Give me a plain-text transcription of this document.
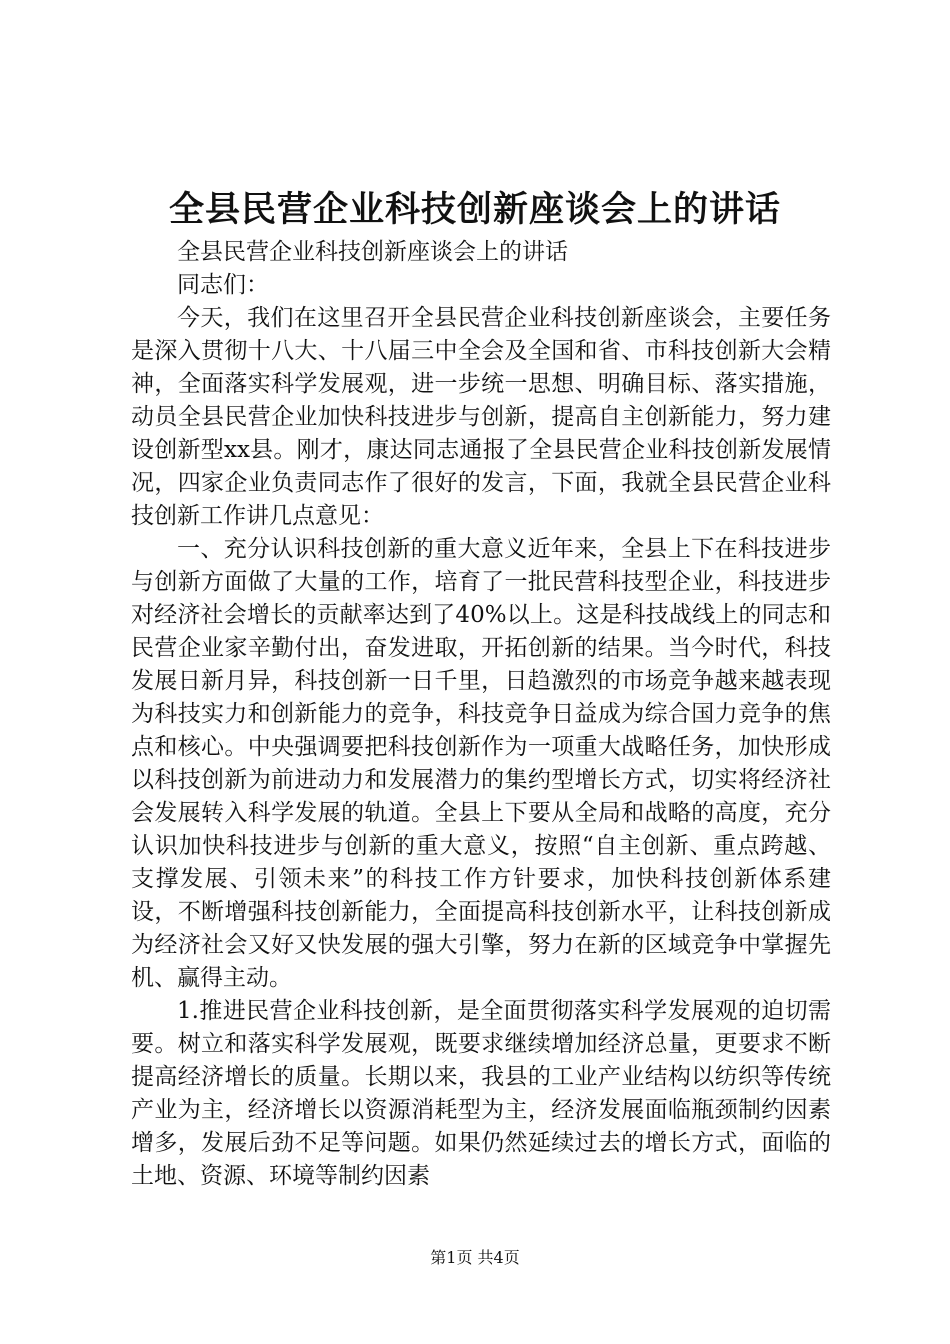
全县民营企业科技创新座谈会上的讲话

全县民营企业科技创新座谈会上的讲话

同志们：

今天，我们在这里召开全县民营企业科技创新座谈会，主要任务是深入贯彻十八大、十八届三中全会及全国和省、市科技创新大会精神，全面落实科学发展观，进一步统一思想、明确目标、落实措施，动员全县民营企业加快科技进步与创新，提高自主创新能力，努力建设创新型xx县。刚才，康达同志通报了全县民营企业科技创新发展情况，四家企业负责同志作了很好的发言，下面，我就全县民营企业科技创新工作讲几点意见：

一、充分认识科技创新的重大意义近年来，全县上下在科技进步与创新方面做了大量的工作，培育了一批民营科技型企业，科技进步对经济社会增长的贡献率达到了40%以上。这是科技战线上的同志和民营企业家辛勤付出，奋发进取，开拓创新的结果。当今时代，科技发展日新月异，科技创新一日千里，日趋激烈的市场竞争越来越表现为科技实力和创新能力的竞争，科技竞争日益成为综合国力竞争的焦点和核心。中央强调要把科技创新作为一项重大战略任务，加快形成以科技创新为前进动力和发展潜力的集约型增长方式，切实将经济社会发展转入科学发展的轨道。全县上下要从全局和战略的高度，充分认识加快科技进步与创新的重大意义，按照“自主创新、重点跨越、支撑发展、引领未来”的科技工作方针要求，加快科技创新体系建设，不断增强科技创新能力，全面提高科技创新水平，让科技创新成为经济社会又好又快发展的强大引擎，努力在新的区域竞争中掌握先机、赢得主动。

1.推进民营企业科技创新，是全面贯彻落实科学发展观的迫切需要。树立和落实科学发展观，既要求继续增加经济总量，更要求不断提高经济增长的质量。长期以来，我县的工业产业结构以纺织等传统产业为主，经济增长以资源消耗型为主，经济发展面临瓶颈制约因素增多，发展后劲不足等问题。如果仍然延续过去的增长方式，面临的土地、资源、环境等制约因素

第1页 共4页
